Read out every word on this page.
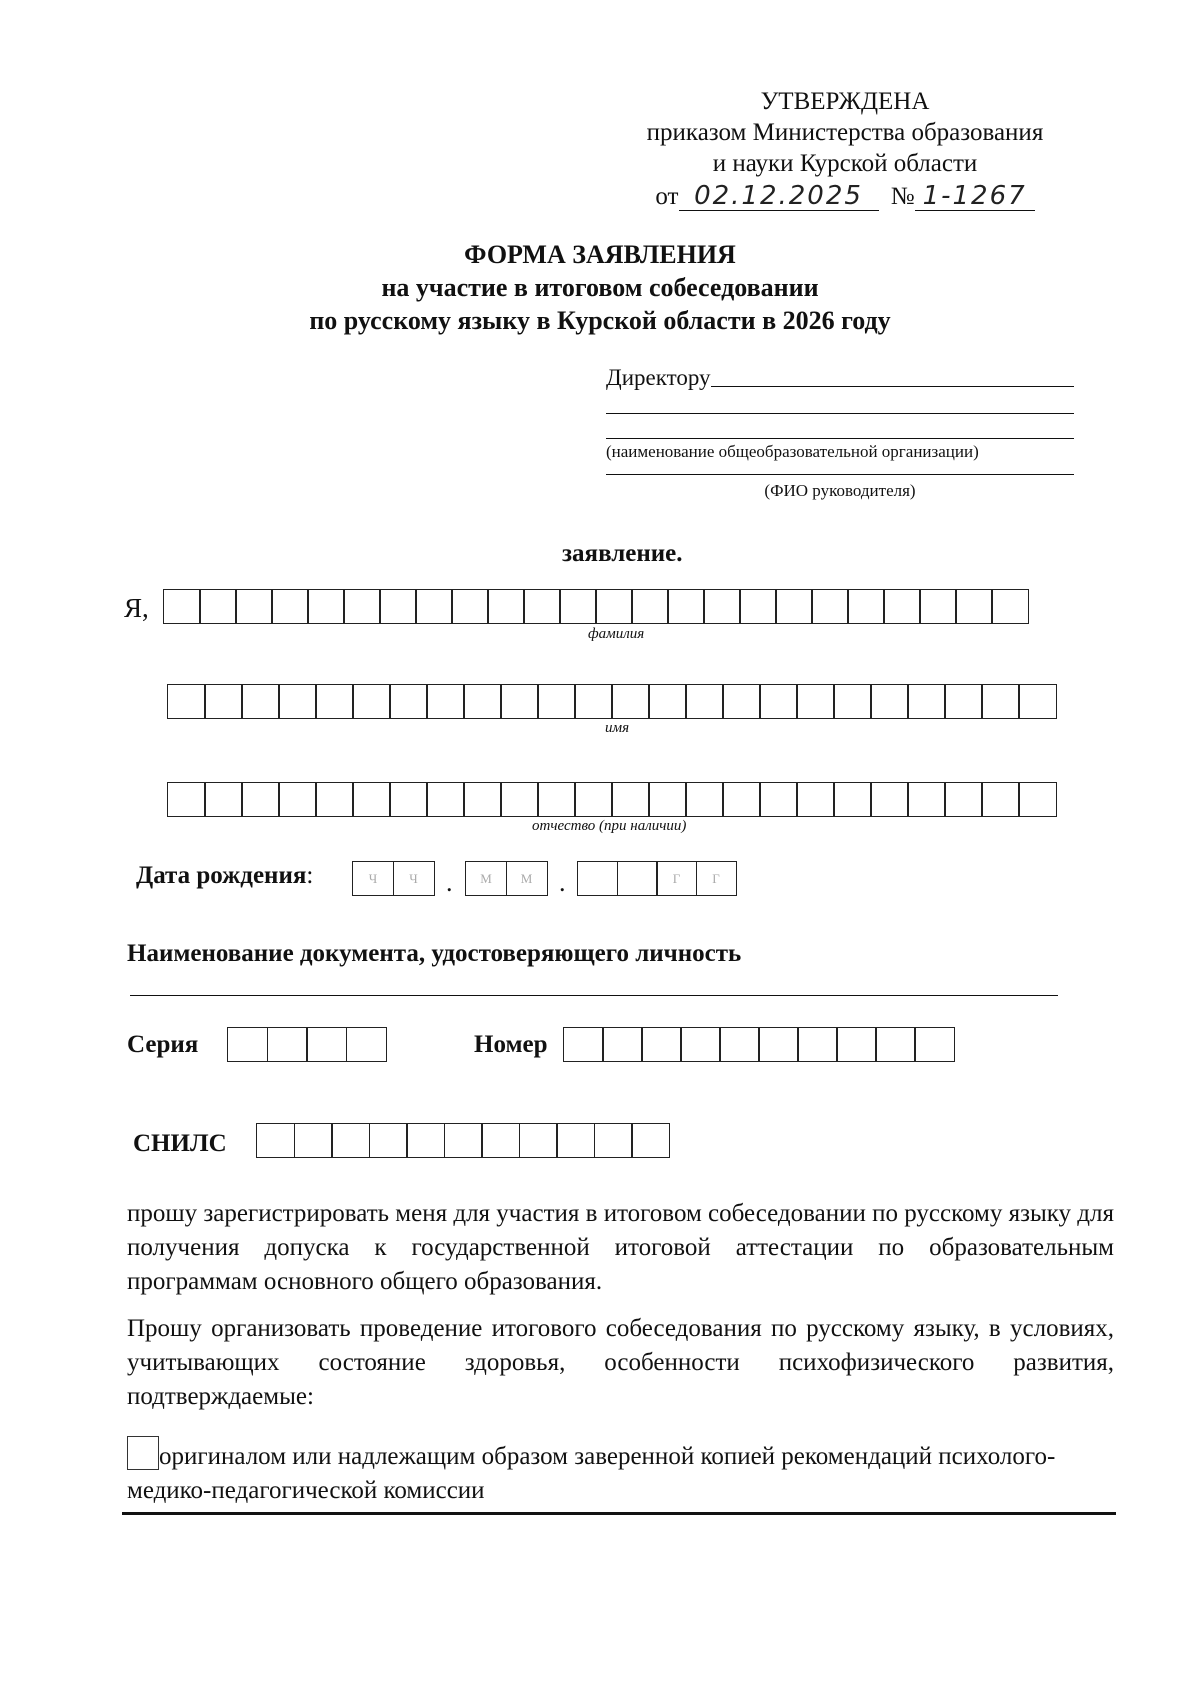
УТВЕРЖДЕНА
приказом Министерства образования
и науки Курской области
от 02.12.2025 № 1-1267
ФОРМА ЗАЯВЛЕНИЯ
на участие в итоговом собеседовании
по русскому языку в Курской области в 2026 году
Директору
(наименование общеобразовательной организации)
(ФИО руководителя)
заявление.
Я,
фамилия
имя
отчество (при наличии)
Дата рождения:	Ч	Ч	.	М	М	.	Г	Г
Наименование документа, удостоверяющего личность
Серия	Номер
СНИЛС
прошу зарегистрировать меня для участия в итоговом собеседовании по русскому языку для получения допуска к государственной итоговой аттестации по образовательным программам основного общего образования.
Прошу организовать проведение итогового собеседования по русскому языку, в условиях, учитывающих состояние здоровья, особенности психофизического развития, подтверждаемые:
оригиналом или надлежащим образом заверенной копией рекомендаций психолого-
медико-педагогической комиссии
